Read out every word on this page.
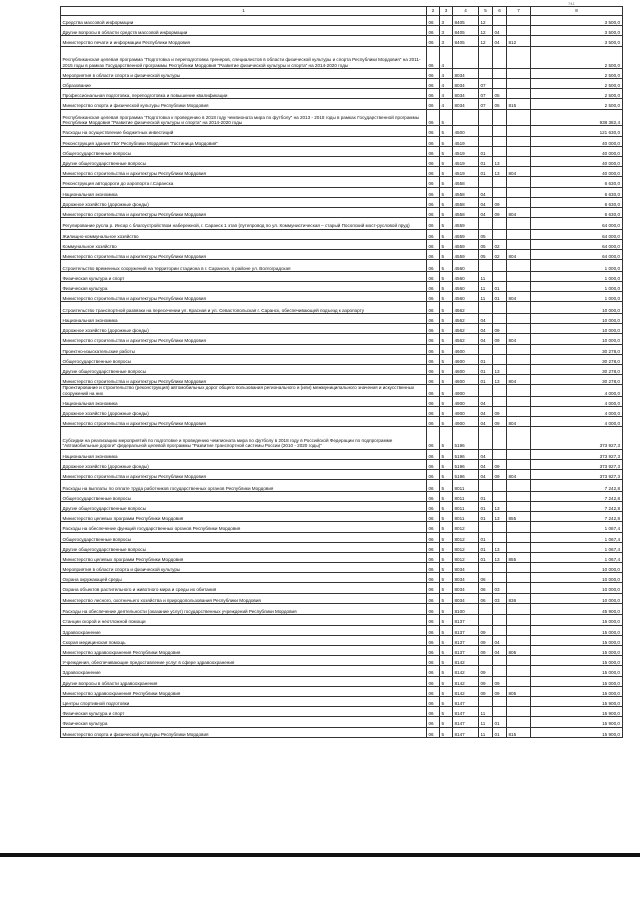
741
1	2	3	4	5	6	7	8
Средства массовой информации	06	3	8405	12			3 500,0
Другие вопросы в области средств массовой информации	06	3	8405	12	04		3 500,0
Министерство печати и информации Республики Мордовия	06	3	8405	12	04	812	3 500,0
Республиканская целевая программа "Подготовка и переподготовка тренеров, специалистов в области физической культуры и спорта Республики Мордовия" на 2011-2015 годы в рамках Государственной программы Республики Мордовия "Развитие физической культуры и спорта" на 2014-2020 годы	06	4					2 500,0
Мероприятия в области спорта и физической культуры	06	4	8034				2 500,0
Образование	06	4	8034	07			2 500,0
Профессиональная подготовка, переподготовка и повышение квалификации	06	4	8034	07	05		2 500,0
Министерство спорта и физической культуры Республики Мордовия	06	4	8034	07	05	815	2 500,0
Республиканская целевая программа "Подготовка к проведению в 2018 году чемпионата мира по футболу" на 2013 - 2018 годы в рамках Государственной программы Республики Мордовия "Развитие физической культуры и спорта" на 2014-2020 годы	06	5					938 382,4
Расходы на осуществление бюджетных инвестиций	06	5	4500				121 630,0
Реконструкция здания ГБУ Республики Мордовия "Гостиница Мордовия"	06	5	4519				40 000,0
Общегосударственные вопросы	06	5	4519	01			40 000,0
Другие общегосударственные вопросы	06	5	4519	01	13		40 000,0
Министерство строительства и архитектуры Республики Мордовия	06	5	4519	01	13	804	40 000,0
Реконструкция автодороги до аэропорта г.Саранска	06	5	4558				6 630,0
Национальная экономика	06	5	4558	04			6 630,0
Дорожное хозяйство (дорожные фонды)	06	5	4558	04	09		6 630,0
Министерство строительства и архитектуры Республики Мордовия	06	5	4558	04	09	804	6 630,0
Регулирование русла р. Инсар с благоустройством набережной, г. Саранск 1 этап (путепровод по ул. Коммунистическая – старый Посопский мост-русловой пруд)	06	5	4559				64 000,0
Жилищно-коммунальное хозяйство	06	5	4559	05			64 000,0
Коммунальное хозяйство	06	5	4559	05	02		64 000,0
Министерство строительства и архитектуры Республики Мордовия	06	5	4559	05	02	804	64 000,0
Строительство временных сооружений на территории стадиона в г. Саранске, в районе ул. Волгоградская	06	5	4560				1 000,0
Физическая культура и спорт	06	5	4560	11			1 000,0
Физическая культура	06	5	4560	11	01		1 000,0
Министерство строительства и архитектуры Республики Мордовия	06	5	4560	11	01	804	1 000,0
Строительство транспортной развязки на пересечении ул. Красная и ул. Севастопольская г. Саранск, обеспечивающей подъезд к аэропорту	06	5	4562				10 000,0
Национальная экономика	06	5	4562	04			10 000,0
Дорожное хозяйство (дорожные фонды)	06	5	4562	04	09		10 000,0
Министерство строительства и архитектуры Республики Мордовия	06	5	4562	04	09	804	10 000,0
Проектно-изыскательские работы	06	5	4600				30 278,0
Общегосударственные вопросы	06	5	4600	01			30 278,0
Другие общегосударственные вопросы	06	5	4600	01	13		30 278,0
Министерство строительства и архитектуры Республики Мордовия	06	5	4600	01	13	804	30 278,0
Проектирование и строительство (реконструкция) автомобильных дорог общего пользования регионального и (или) межмуниципального значения и искусственных сооружений на них	06	5	4900				4 000,0
Национальная экономика	06	5	4900	04			4 000,0
Дорожное хозяйство (дорожные фонды)	06	5	4900	04	09		4 000,0
Министерство строительства и архитектуры Республики Мордовия	06	5	4900	04	09	804	4 000,0
Субсидии на реализацию мероприятий по подготовке и проведению чемпионата мира по футболу в 2018 году в Российской Федерации по подпрограмме "Автомобильные дороги" федеральной целевой программы "Развитие транспортной системы России (2010 - 2020 годы)"	06	5	5196				373 927,3
Национальная экономика	06	5	5196	04			373 927,3
Дорожное хозяйство (дорожные фонды)	06	5	5196	04	09		373 927,3
Министерство строительства и архитектуры Республики Мордовия	06	5	5196	04	09	804	373 927,3
Расходы на выплаты по оплате труда работников государственных органов Республики Мордовия	06	5	8011				7 242,8
Общегосударственные вопросы	06	5	8011	01			7 242,8
Другие общегосударственные вопросы	06	5	8011	01	13		7 242,8
Министерство целевых программ Республики Мордовия	06	5	8011	01	13	855	7 242,8
Расходы на обеспечение функций государственных органов Республики Мордовия	06	5	8012				1 067,4
Общегосударственные вопросы	06	5	8012	01			1 067,4
Другие общегосударственные вопросы	06	5	8012	01	13		1 067,4
Министерство целевых программ Республики Мордовия	06	5	8012	01	13	855	1 067,4
Мероприятия в области спорта и физической культуры	06	5	8034				10 000,0
Охрана окружающей среды	06	5	8034	06			10 000,0
Охрана объектов растительного и животного мира и среды их обитания	06	5	8034	06	03		10 000,0
Министерство лесного, охотничьего хозяйства и природопользования Республики Мордовия	06	5	8034	06	03	836	10 000,0
Расходы на обеспечение деятельности (оказание услуг) государственных учреждений Республики Мордовия	06	5	8100				45 900,0
Станции скорой и неотложной помощи	06	5	8137				15 000,0
Здравоохранение	06	5	8137	09			15 000,0
Скорая медицинская помощь	06	5	8137	09	04		15 000,0
Министерство здравоохранения Республики Мордовия	06	5	8137	09	04	805	15 000,0
Учреждения, обеспечивающие предоставление услуг в сфере здравоохранения	06	5	8142				15 000,0
Здравоохранение	06	5	8142	09			15 000,0
Другие вопросы в области здравоохранения	06	5	8142	09	09		15 000,0
Министерство здравоохранения Республики Мордовия	06	5	8142	09	09	805	15 000,0
Центры спортивной подготовки	06	5	8147				15 900,0
Физическая культура и спорт	06	5	8147	11			15 900,0
Физическая культура	06	5	8147	11	01		15 900,0
Министерство спорта и физической культуры Республики Мордовия	06	5	8147	11	01	815	15 900,0
